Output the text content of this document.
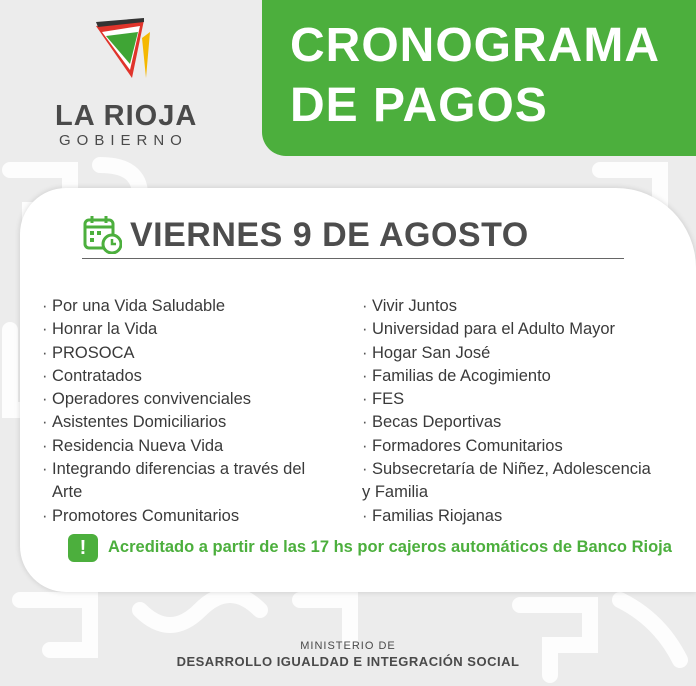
LA RIOJA
GOBIERNO
CRONOGRAMA
DE PAGOS
VIERNES 9 DE AGOSTO
· Por una Vida Saludable
· Honrar la Vida
· PROSOCA
· Contratados
· Operadores convivenciales
· Asistentes Domiciliarios
· Residencia Nueva Vida
· Integrando diferencias a través del
Arte
· Promotores Comunitarios
· Vivir Juntos
· Universidad para el Adulto Mayor
· Hogar San José
· Familias de Acogimiento
· FES
· Becas Deportivas
· Formadores Comunitarios
· Subsecretaría de Niñez, Adolescencia
y Familia
· Familias Riojanas
!	Acreditado a partir de las 17 hs por cajeros automáticos de Banco Rioja
MINISTERIO DE
DESARROLLO IGUALDAD E INTEGRACIÓN SOCIAL
